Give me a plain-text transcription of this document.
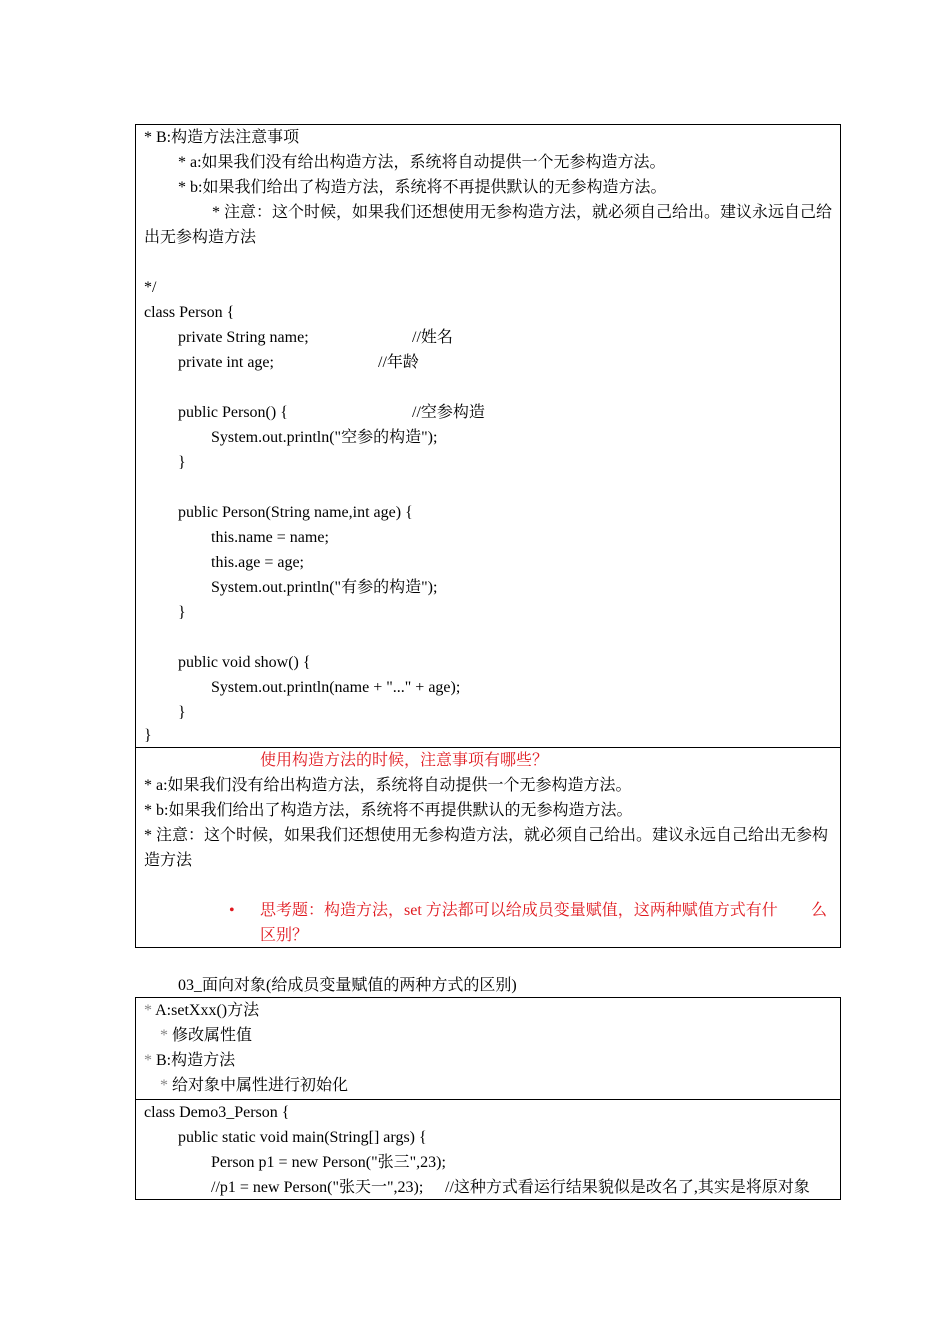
* B:构造方法注意事项
* a:如果我们没有给出构造方法，系统将自动提供一个无参构造方法。
* b:如果我们给出了构造方法，系统将不再提供默认的无参构造方法。
* 注意：这个时候，如果我们还想使用无参构造方法，就必须自己给出。建议永远自己给
出无参构造方法
*/
class Person {
private String name;	//姓名
private int age;	//年龄
public Person() {	//空参构造
System.out.println("空参的构造");
}
public Person(String name,int age) {
this.name = name;
this.age = age;
System.out.println("有参的构造");
}
public void show() {
System.out.println(name + "..." + age);
}
}
使用构造方法的时候，注意事项有哪些？
* a:如果我们没有给出构造方法，系统将自动提供一个无参构造方法。
* b:如果我们给出了构造方法，系统将不再提供默认的无参构造方法。
* 注意：这个时候，如果我们还想使用无参构造方法，就必须自己给出。建议永远自己给出无参构
造方法
• 思考题：构造方法，set 方法都可以给成员变量赋值，这两种赋值方式有什 么
区别？
03_面向对象(给成员变量赋值的两种方式的区别)
* A:setXxx()方法
* 修改属性值
* B:构造方法
* 给对象中属性进行初始化
class Demo3_Person {
public static void main(String[] args) {
Person p1 = new Person("张三",23);
//p1 = new Person("张天一",23); //这种方式看运行结果貌似是改名了,其实是将原对象
